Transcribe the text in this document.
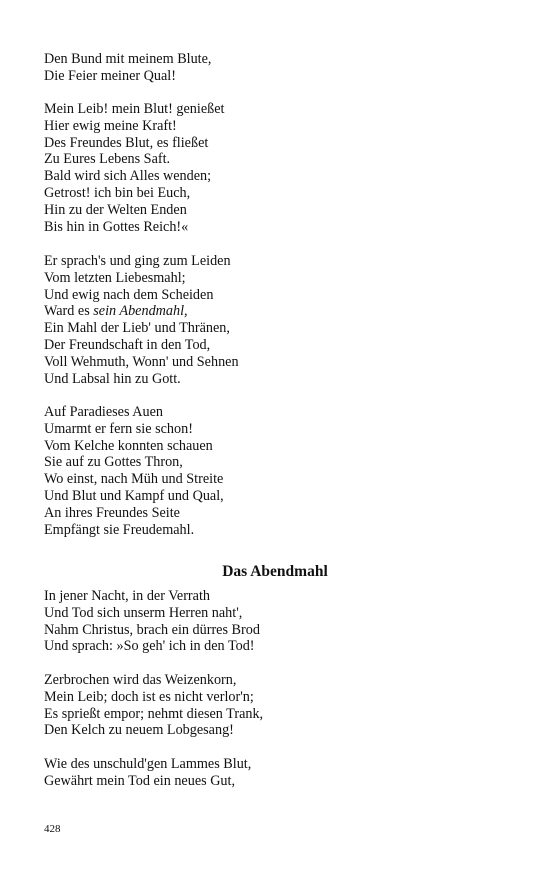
Den Bund mit meinem Blute,
Die Feier meiner Qual!
Mein Leib! mein Blut! genießet
Hier ewig meine Kraft!
Des Freundes Blut, es fließet
Zu Eures Lebens Saft.
Bald wird sich Alles wenden;
Getrost! ich bin bei Euch,
Hin zu der Welten Enden
Bis hin in Gottes Reich!«
Er sprach's und ging zum Leiden
Vom letzten Liebesmahl;
Und ewig nach dem Scheiden
Ward es sein Abendmahl,
Ein Mahl der Lieb' und Thränen,
Der Freundschaft in den Tod,
Voll Wehmuth, Wonn' und Sehnen
Und Labsal hin zu Gott.
Auf Paradieses Auen
Umarmt er fern sie schon!
Vom Kelche konnten schauen
Sie auf zu Gottes Thron,
Wo einst, nach Müh und Streite
Und Blut und Kampf und Qual,
An ihres Freundes Seite
Empfängt sie Freudemahl.
Das Abendmahl
In jener Nacht, in der Verrath
Und Tod sich unserm Herren naht',
Nahm Christus, brach ein dürres Brod
Und sprach: »So geh' ich in den Tod!
Zerbrochen wird das Weizenkorn,
Mein Leib; doch ist es nicht verlor'n;
Es sprießt empor; nehmt diesen Trank,
Den Kelch zu neuem Lobgesang!
Wie des unschuld'gen Lammes Blut,
Gewährt mein Tod ein neues Gut,
428
